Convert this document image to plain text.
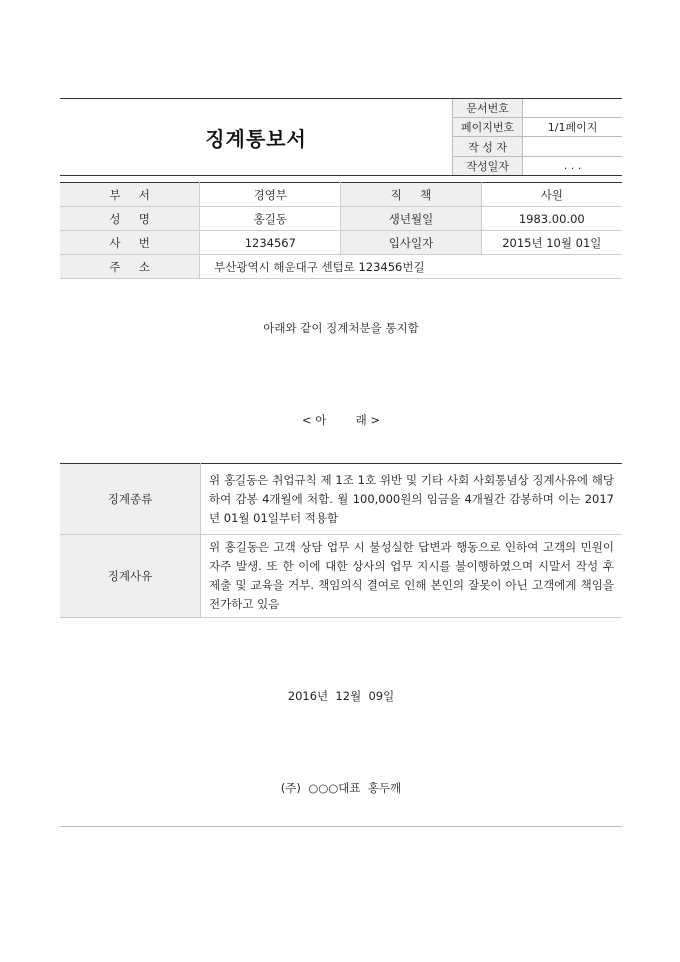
징계통보서
문서번호	
페이지번호	1/1페이지
작 성 자	
작성일자	. . .
부     서	경영부	직     책	사원
성     명	홍길동	생년월일	1983.00.00
사     번	1234567	입사일자	2015년 10월 01일
주     소	부산광역시 해운대구 센텀로 123456번길		
아래와 같이 징계처분을 통지함
< 아        래 >
징계종류	위 홍길동은 취업규칙 제 1조 1호 위반 및 기타 사회 사회통념상 징계사유에 해당하여 감봉 4개월에 처함. 월 100,000원의 임금을 4개월간 감봉하며 이는 2017년 01월 01일부터 적용함
징계사유	위 홍길동은 고객 상담 업무 시 불성실한 답변과 행동으로 인하여 고객의 민원이 자주 발생. 또 한 이에 대한 상사의 업무 지시를 불이행하였으며 시말서 작성 후 제출 및 교육을 거부. 책임의식 결여로 인해 본인의 잘못이 아닌 고객에게 책임을 전가하고 있음
2016년  12월  09일
(주)  ○○○대표  홍두깨
